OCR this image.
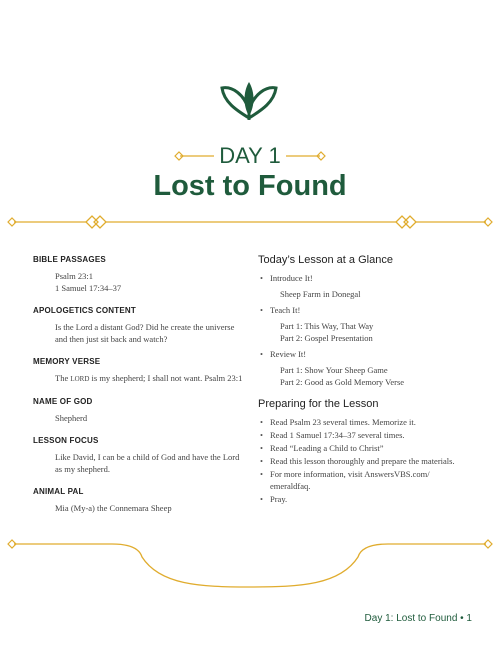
DAY 1
Lost to Found
BIBLE PASSAGES
Psalm 23:1
1 Samuel 17:34–37
APOLOGETICS CONTENT
Is the Lord a distant God? Did he create the universe
and then just sit back and watch?
MEMORY VERSE
The LORD is my shepherd; I shall not want. Psalm 23:1
NAME OF GOD
Shepherd
LESSON FOCUS
Like David, I can be a child of God and have the Lord
as my shepherd.
ANIMAL PAL
Mia (My-a) the Connemara Sheep
Today’s Lesson at a Glance
• Introduce It!
Sheep Farm in Donegal
• Teach It!
Part 1: This Way, That Way
Part 2: Gospel Presentation
• Review It!
Part 1: Show Your Sheep Game
Part 2: Good as Gold Memory Verse
Preparing for the Lesson
• Read Psalm 23 several times. Memorize it.
• Read 1 Samuel 17:34–37 several times.
• Read “Leading a Child to Christ”
• Read this lesson thoroughly and prepare the materials.
• For more information, visit AnswersVBS.com/
emeraldfaq.
• Pray.
Day 1: Lost to Found • 1
